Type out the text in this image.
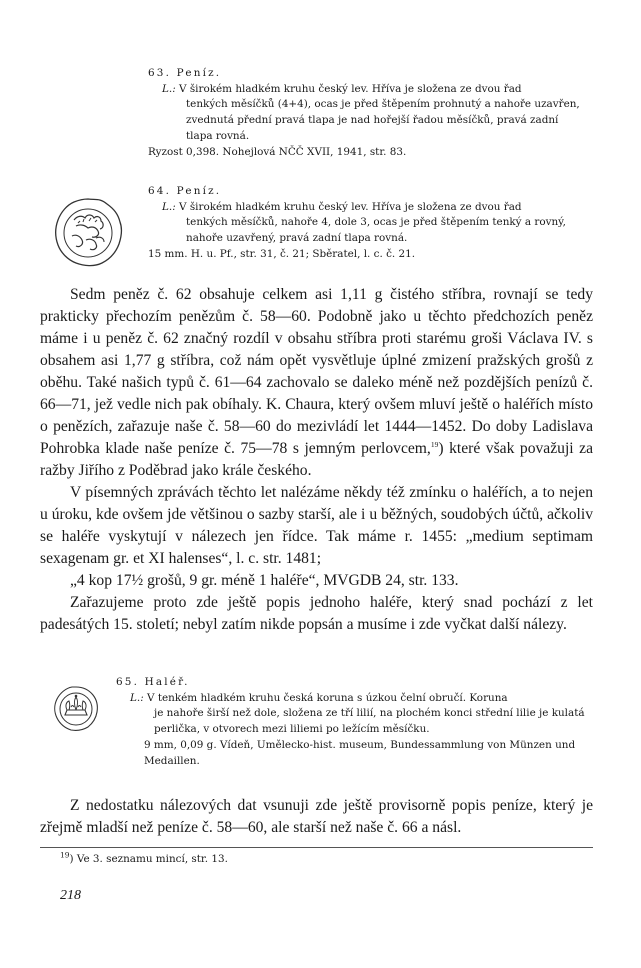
63. Peníz.
L.: V širokém hladkém kruhu český lev. Hříva je složena ze dvou řad
tenkých měsíčků (4+4), ocas je před štěpením prohnutý a nahoře uzavřen, zvednutá přední pravá tlapa je nad hořejší řadou měsíčků, pravá zadní tlapa rovná.
Ryzost 0,398. Nohejlová NČČ XVII, 1941, str. 83.
64. Peníz.
L.: V širokém hladkém kruhu český lev. Hříva je složena ze dvou řad
tenkých měsíčků, nahoře 4, dole 3, ocas je před štěpením tenký a rovný, nahoře uzavřený, pravá zadní tlapa rovná.
15 mm. H. u. Pf., str. 31, č. 21; Sběratel, l. c. č. 21.

Sedm peněz č. 62 obsahuje celkem asi 1,11 g čistého stříbra, rovnají se tedy prakticky přechozím penězům č. 58—60. Podobně jako u těchto předchozích peněz máme i u peněz č. 62 značný rozdíl v obsahu stříbra proti starému groši Václava IV. s obsahem asi 1,77 g stříbra, což nám opět vysvětluje úplné zmizení pražských grošů z oběhu. Také našich typů č. 61—64 zachovalo se daleko méně než pozdějších penízů č. 66—71, jež vedle nich pak obíhaly. K. Chaura, který ovšem mluví ještě o haléřích místo o penězích, zařazuje naše č. 58—60 do mezivládí let 1444—1452. Do doby Ladislava Pohrobka klade naše peníze č. 75—78 s jemným perlovcem,$^{19}$) které však považuji za ražby Jiřího z Poděbrad jako krále českého.

V písemných zprávách těchto let nalézáme někdy též zmínku o haléřích, a to nejen u úroku, kde ovšem jde většinou o sazby starší, ale i u běžných, soudobých účtů, ačkoliv se haléře vyskytují v nálezech jen řídce. Tak máme r. 1455: „medium septimam sexagenam gr. et XI halenses“, l. c. str. 1481;

„4 kop 17½ grošů, 9 gr. méně 1 haléře“, MVGDB 24, str. 133.

Zařazujeme proto zde ještě popis jednoho haléře, který snad pochází z let padesátých 15. století; nebyl zatím nikde popsán a musíme i zde vyčkat další nálezy.

65. Haléř.
L.: V tenkém hladkém kruhu česká koruna s úzkou čelní obručí. Koruna
je nahoře širší než dole, složena ze tří lilií, na plochém konci střední lilie je kulatá perlička, v otvorech mezi liliemi po ležícím měsíčku.
9 mm, 0,09 g. Vídeň, Umělecko-hist. museum, Bundessammlung von Münzen und Medaillen.

Z nedostatku nálezových dat vsunuji zde ještě provisorně popis peníze, který je zřejmě mladší než peníze č. 58—60, ale starší než naše č. 66 a násl.

$^{19}$) Ve 3. seznamu mincí, str. 13.
218
